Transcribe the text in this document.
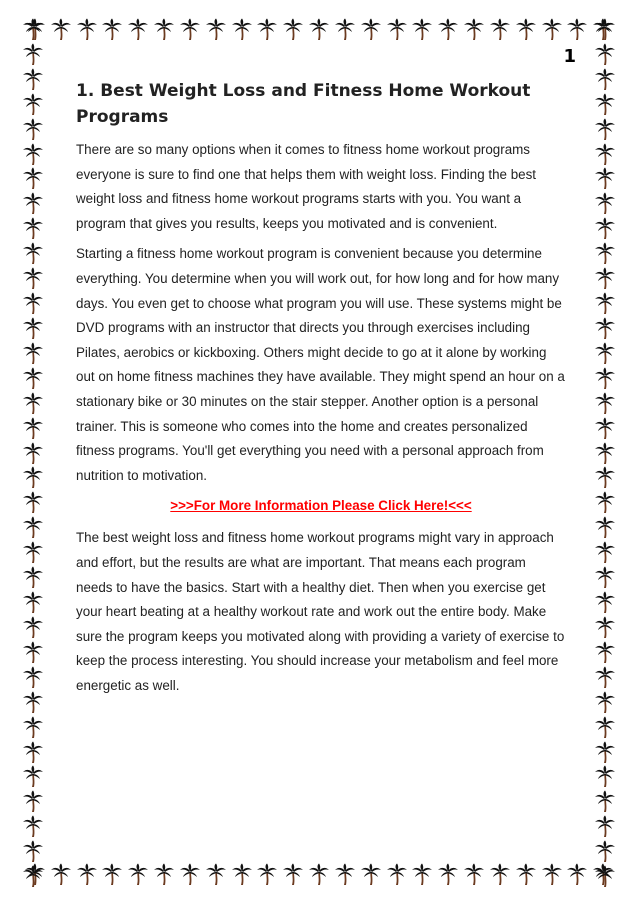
1

1. Best Weight Loss and Fitness Home Workout Programs

There are so many options when it comes to fitness home workout programs everyone is sure to find one that helps them with weight loss. Finding the best weight loss and fitness home workout programs starts with you. You want a program that gives you results, keeps you motivated and is convenient.

Starting a fitness home workout program is convenient because you determine everything. You determine when you will work out, for how long and for how many days. You even get to choose what program you will use. These systems might be DVD programs with an instructor that directs you through exercises including Pilates, aerobics or kickboxing. Others might decide to go at it alone by working out on home fitness machines they have available. They might spend an hour on a stationary bike or 30 minutes on the stair stepper. Another option is a personal trainer. This is someone who comes into the home and creates personalized fitness programs. You'll get everything you need with a personal approach from nutrition to motivation.

>>>For More Information Please Click Here!<<<

The best weight loss and fitness home workout programs might vary in approach and effort, but the results are what are important. That means each program needs to have the basics. Start with a healthy diet. Then when you exercise get your heart beating at a healthy workout rate and work out the entire body. Make sure the program keeps you motivated along with providing a variety of exercise to keep the process interesting. You should increase your metabolism and feel more energetic as well.
